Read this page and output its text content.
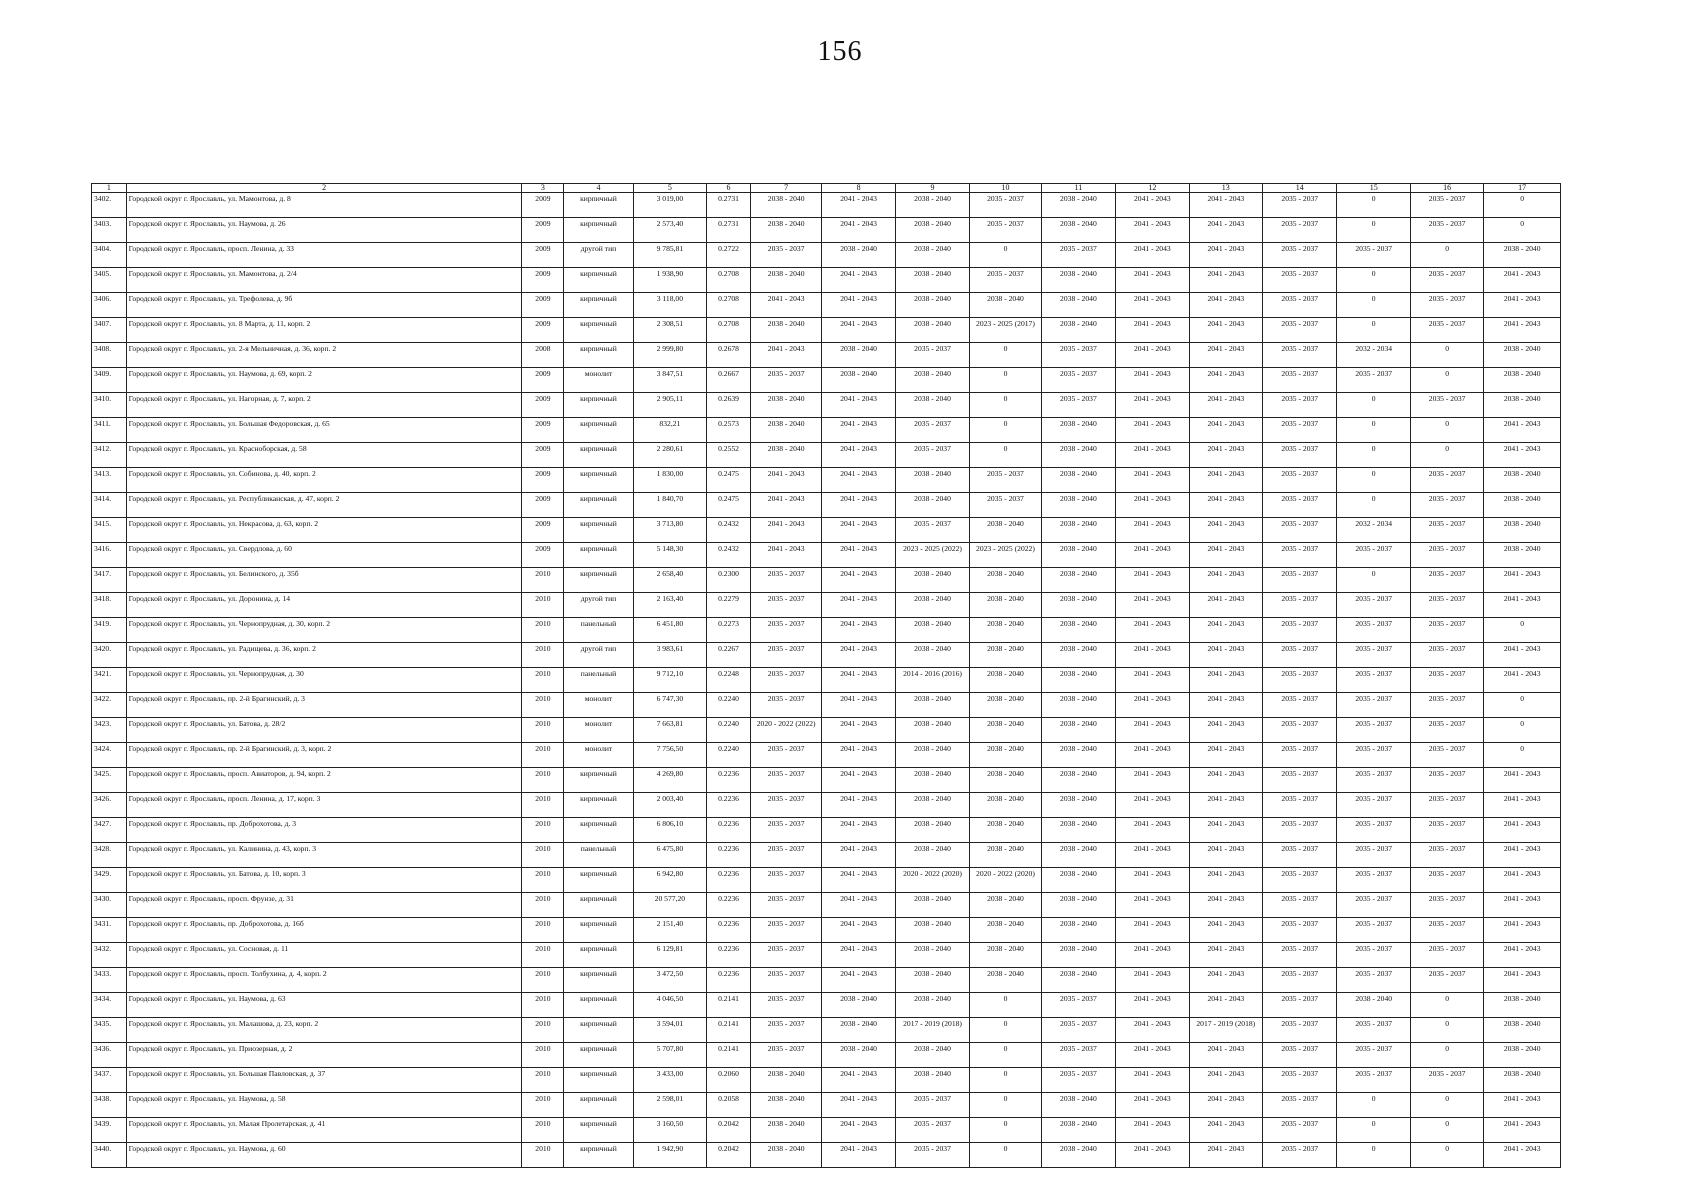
156
1	2	3	4	5	6	7	8	9	10	11	12	13	14	15	16	17
3402.	Городской округ г. Ярославль, ул. Мамонтова, д. 8	2009	кирпичный	3 019,00	0.2731	2038 - 2040	2041 - 2043	2038 - 2040	2035 - 2037	2038 - 2040	2041 - 2043	2041 - 2043	2035 - 2037	0	2035 - 2037	0
3403.	Городской округ г. Ярославль, ул. Наумова, д. 26	2009	кирпичный	2 573,40	0.2731	2038 - 2040	2041 - 2043	2038 - 2040	2035 - 2037	2038 - 2040	2041 - 2043	2041 - 2043	2035 - 2037	0	2035 - 2037	0
3404.	Городской округ г. Ярославль, просп. Ленина, д. 33	2009	другой тип	9 785,81	0.2722	2035 - 2037	2038 - 2040	2038 - 2040	0	2035 - 2037	2041 - 2043	2041 - 2043	2035 - 2037	2035 - 2037	0	2038 - 2040
3405.	Городской округ г. Ярославль, ул. Мамонтова, д. 2/4	2009	кирпичный	1 938,90	0.2708	2038 - 2040	2041 - 2043	2038 - 2040	2035 - 2037	2038 - 2040	2041 - 2043	2041 - 2043	2035 - 2037	0	2035 - 2037	2041 - 2043
3406.	Городской округ г. Ярославль, ул. Трефолева, д. 9б	2009	кирпичный	3 118,00	0.2708	2041 - 2043	2041 - 2043	2038 - 2040	2038 - 2040	2038 - 2040	2041 - 2043	2041 - 2043	2035 - 2037	0	2035 - 2037	2041 - 2043
3407.	Городской округ г. Ярославль, ул. 8 Марта, д. 11, корп. 2	2009	кирпичный	2 308,51	0.2708	2038 - 2040	2041 - 2043	2038 - 2040	2023 - 2025 (2017)	2038 - 2040	2041 - 2043	2041 - 2043	2035 - 2037	0	2035 - 2037	2041 - 2043
3408.	Городской округ г. Ярославль, ул. 2-я Мельничная, д. 36, корп. 2	2008	кирпичный	2 999,80	0.2678	2041 - 2043	2038 - 2040	2035 - 2037	0	2035 - 2037	2041 - 2043	2041 - 2043	2035 - 2037	2032 - 2034	0	2038 - 2040
3409.	Городской округ г. Ярославль, ул. Наумова, д. 69, корп. 2	2009	монолит	3 847,51	0.2667	2035 - 2037	2038 - 2040	2038 - 2040	0	2035 - 2037	2041 - 2043	2041 - 2043	2035 - 2037	2035 - 2037	0	2038 - 2040
3410.	Городской округ г. Ярославль, ул. Нагорная, д. 7, корп. 2	2009	кирпичный	2 905,11	0.2639	2038 - 2040	2041 - 2043	2038 - 2040	0	2035 - 2037	2041 - 2043	2041 - 2043	2035 - 2037	0	2035 - 2037	2038 - 2040
3411.	Городской округ г. Ярославль, ул. Большая Федоровская, д. 65	2009	кирпичный	832,21	0.2573	2038 - 2040	2041 - 2043	2035 - 2037	0	2038 - 2040	2041 - 2043	2041 - 2043	2035 - 2037	0	0	2041 - 2043
3412.	Городской округ г. Ярославль, ул. Красноборская, д. 58	2009	кирпичный	2 280,61	0.2552	2038 - 2040	2041 - 2043	2035 - 2037	0	2038 - 2040	2041 - 2043	2041 - 2043	2035 - 2037	0	0	2041 - 2043
3413.	Городской округ г. Ярославль, ул. Собинова, д. 40, корп. 2	2009	кирпичный	1 830,00	0.2475	2041 - 2043	2041 - 2043	2038 - 2040	2035 - 2037	2038 - 2040	2041 - 2043	2041 - 2043	2035 - 2037	0	2035 - 2037	2038 - 2040
3414.	Городской округ г. Ярославль, ул. Республиканская, д. 47, корп. 2	2009	кирпичный	1 840,70	0.2475	2041 - 2043	2041 - 2043	2038 - 2040	2035 - 2037	2038 - 2040	2041 - 2043	2041 - 2043	2035 - 2037	0	2035 - 2037	2038 - 2040
3415.	Городской округ г. Ярославль, ул. Некрасова, д. 63, корп. 2	2009	кирпичный	3 713,80	0.2432	2041 - 2043	2041 - 2043	2035 - 2037	2038 - 2040	2038 - 2040	2041 - 2043	2041 - 2043	2035 - 2037	2032 - 2034	2035 - 2037	2038 - 2040
3416.	Городской округ г. Ярославль, ул. Свердлова, д. 60	2009	кирпичный	5 148,30	0.2432	2041 - 2043	2041 - 2043	2023 - 2025 (2022)	2023 - 2025 (2022)	2038 - 2040	2041 - 2043	2041 - 2043	2035 - 2037	2035 - 2037	2035 - 2037	2038 - 2040
3417.	Городской округ г. Ярославль, ул. Белинского, д. 35б	2010	кирпичный	2 658,40	0.2300	2035 - 2037	2041 - 2043	2038 - 2040	2038 - 2040	2038 - 2040	2041 - 2043	2041 - 2043	2035 - 2037	0	2035 - 2037	2041 - 2043
3418.	Городской округ г. Ярославль, ул. Доронина, д. 14	2010	другой тип	2 163,40	0.2279	2035 - 2037	2041 - 2043	2038 - 2040	2038 - 2040	2038 - 2040	2041 - 2043	2041 - 2043	2035 - 2037	2035 - 2037	2035 - 2037	2041 - 2043
3419.	Городской округ г. Ярославль, ул. Чернопрудная, д. 30, корп. 2	2010	панельный	6 451,80	0.2273	2035 - 2037	2041 - 2043	2038 - 2040	2038 - 2040	2038 - 2040	2041 - 2043	2041 - 2043	2035 - 2037	2035 - 2037	2035 - 2037	0
3420.	Городской округ г. Ярославль, ул. Радищева, д. 36, корп. 2	2010	другой тип	3 983,61	0.2267	2035 - 2037	2041 - 2043	2038 - 2040	2038 - 2040	2038 - 2040	2041 - 2043	2041 - 2043	2035 - 2037	2035 - 2037	2035 - 2037	2041 - 2043
3421.	Городской округ г. Ярославль, ул. Чернопрудная, д. 30	2010	панельный	9 712,10	0.2248	2035 - 2037	2041 - 2043	2014 - 2016 (2016)	2038 - 2040	2038 - 2040	2041 - 2043	2041 - 2043	2035 - 2037	2035 - 2037	2035 - 2037	2041 - 2043
3422.	Городской округ г. Ярославль, пр. 2-й Брагинский, д. 3	2010	монолит	6 747,30	0.2240	2035 - 2037	2041 - 2043	2038 - 2040	2038 - 2040	2038 - 2040	2041 - 2043	2041 - 2043	2035 - 2037	2035 - 2037	2035 - 2037	0
3423.	Городской округ г. Ярославль, ул. Батова, д. 28/2	2010	монолит	7 663,81	0.2240	2020 - 2022 (2022)	2041 - 2043	2038 - 2040	2038 - 2040	2038 - 2040	2041 - 2043	2041 - 2043	2035 - 2037	2035 - 2037	2035 - 2037	0
3424.	Городской округ г. Ярославль, пр. 2-й Брагинский, д. 3, корп. 2	2010	монолит	7 756,50	0.2240	2035 - 2037	2041 - 2043	2038 - 2040	2038 - 2040	2038 - 2040	2041 - 2043	2041 - 2043	2035 - 2037	2035 - 2037	2035 - 2037	0
3425.	Городской округ г. Ярославль, просп. Авиаторов, д. 94, корп. 2	2010	кирпичный	4 269,80	0.2236	2035 - 2037	2041 - 2043	2038 - 2040	2038 - 2040	2038 - 2040	2041 - 2043	2041 - 2043	2035 - 2037	2035 - 2037	2035 - 2037	2041 - 2043
3426.	Городской округ г. Ярославль, просп. Ленина, д. 17, корп. 3	2010	кирпичный	2 003,40	0.2236	2035 - 2037	2041 - 2043	2038 - 2040	2038 - 2040	2038 - 2040	2041 - 2043	2041 - 2043	2035 - 2037	2035 - 2037	2035 - 2037	2041 - 2043
3427.	Городской округ г. Ярославль, пр. Доброхотова, д. 3	2010	кирпичный	6 806,10	0.2236	2035 - 2037	2041 - 2043	2038 - 2040	2038 - 2040	2038 - 2040	2041 - 2043	2041 - 2043	2035 - 2037	2035 - 2037	2035 - 2037	2041 - 2043
3428.	Городской округ г. Ярославль, ул. Калинина, д. 43, корп. 3	2010	панельный	6 475,80	0.2236	2035 - 2037	2041 - 2043	2038 - 2040	2038 - 2040	2038 - 2040	2041 - 2043	2041 - 2043	2035 - 2037	2035 - 2037	2035 - 2037	2041 - 2043
3429.	Городской округ г. Ярославль, ул. Батова, д. 10, корп. 3	2010	кирпичный	6 942,80	0.2236	2035 - 2037	2041 - 2043	2020 - 2022 (2020)	2020 - 2022 (2020)	2038 - 2040	2041 - 2043	2041 - 2043	2035 - 2037	2035 - 2037	2035 - 2037	2041 - 2043
3430.	Городской округ г. Ярославль, просп. Фрунзе, д. 31	2010	кирпичный	20 577,20	0.2236	2035 - 2037	2041 - 2043	2038 - 2040	2038 - 2040	2038 - 2040	2041 - 2043	2041 - 2043	2035 - 2037	2035 - 2037	2035 - 2037	2041 - 2043
3431.	Городской округ г. Ярославль, пр. Доброхотова, д. 16б	2010	кирпичный	2 151,40	0.2236	2035 - 2037	2041 - 2043	2038 - 2040	2038 - 2040	2038 - 2040	2041 - 2043	2041 - 2043	2035 - 2037	2035 - 2037	2035 - 2037	2041 - 2043
3432.	Городской округ г. Ярославль, ул. Сосновая, д. 11	2010	кирпичный	6 129,81	0.2236	2035 - 2037	2041 - 2043	2038 - 2040	2038 - 2040	2038 - 2040	2041 - 2043	2041 - 2043	2035 - 2037	2035 - 2037	2035 - 2037	2041 - 2043
3433.	Городской округ г. Ярославль, просп. Толбухина, д. 4, корп. 2	2010	кирпичный	3 472,50	0.2236	2035 - 2037	2041 - 2043	2038 - 2040	2038 - 2040	2038 - 2040	2041 - 2043	2041 - 2043	2035 - 2037	2035 - 2037	2035 - 2037	2041 - 2043
3434.	Городской округ г. Ярославль, ул. Наумова, д. 63	2010	кирпичный	4 046,50	0.2141	2035 - 2037	2038 - 2040	2038 - 2040	0	2035 - 2037	2041 - 2043	2041 - 2043	2035 - 2037	2038 - 2040	0	2038 - 2040
3435.	Городской округ г. Ярославль, ул. Малашова, д. 23, корп. 2	2010	кирпичный	3 594,01	0.2141	2035 - 2037	2038 - 2040	2017 - 2019 (2018)	0	2035 - 2037	2041 - 2043	2017 - 2019 (2018)	2035 - 2037	2035 - 2037	0	2038 - 2040
3436.	Городской округ г. Ярославль, ул. Приозерная, д. 2	2010	кирпичный	5 707,80	0.2141	2035 - 2037	2038 - 2040	2038 - 2040	0	2035 - 2037	2041 - 2043	2041 - 2043	2035 - 2037	2035 - 2037	0	2038 - 2040
3437.	Городской округ г. Ярославль, ул. Большая Павловская, д. 37	2010	кирпичный	3 433,00	0.2060	2038 - 2040	2041 - 2043	2038 - 2040	0	2035 - 2037	2041 - 2043	2041 - 2043	2035 - 2037	2035 - 2037	2035 - 2037	2038 - 2040
3438.	Городской округ г. Ярославль, ул. Наумова, д. 58	2010	кирпичный	2 598,01	0.2058	2038 - 2040	2041 - 2043	2035 - 2037	0	2038 - 2040	2041 - 2043	2041 - 2043	2035 - 2037	0	0	2041 - 2043
3439.	Городской округ г. Ярославль, ул. Малая Пролетарская, д. 41	2010	кирпичный	3 160,50	0.2042	2038 - 2040	2041 - 2043	2035 - 2037	0	2038 - 2040	2041 - 2043	2041 - 2043	2035 - 2037	0	0	2041 - 2043
3440.	Городской округ г. Ярославль, ул. Наумова, д. 60	2010	кирпичный	1 942,90	0.2042	2038 - 2040	2041 - 2043	2035 - 2037	0	2038 - 2040	2041 - 2043	2041 - 2043	2035 - 2037	0	0	2041 - 2043
